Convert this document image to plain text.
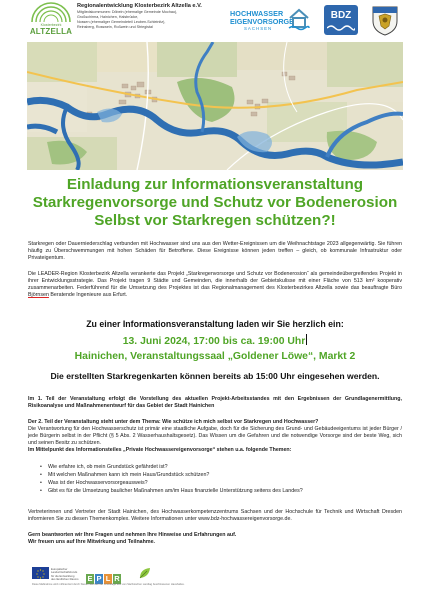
Klosterbezirk
ALTZELLA
Regionalentwicklung Klosterbezirk Altzella e.V.
Mitgliedskommunen: Döbeln (ehemalige Gemeinde Mochau),
Großschirma, Hainichen, Halsbrücke,
Nossen (ehemaliger Gemeindeteil Leuben-Schleinitz),
Reinsberg, Rosswein, Roßwein und Striegistal
HOCHWASSER
EIGENVORSORGE
SACHSEN
BDZ
Einladung zur Informationsveranstaltung
Starkregenvorsorge und Schutz vor Bodenerosion
Selbst vor Starkregen schützen?!
Starkregen oder Dauerniederschlag verbunden mit Hochwasser sind uns aus den Wetter-Ereignissen um die Weihnachtstage 2023 allgegenwärtig. Sie führen häufig zu Überschwemmungen mit hohen Schäden für Betroffene. Diese Ereignisse können jeden treffen – gleich, ob kommunale Infrastruktur oder Privateigentum.
Die LEADER-Region Klosterbezirk Altzella verankerte das Projekt „Starkregenvorsorge und Schutz vor Bodenerosion“ als gemeindeübergreifendes Projekt in ihrer Entwicklungsstrategie. Das Projekt tragen 9 Städte und Gemeinden, die innerhalb der Gebietskulisse mit einer Fläche von 513 km² kooperativ zusammenarbeiten. Federführend für die Umsetzung des Projektes ist das Regionalmanagement des Klosterbezirkes Altzella sowie das beauftragte Büro Björnsen Beratende Ingenieure aus Erfurt.
Zu einer Informationsveranstaltung laden wir Sie herzlich ein:
13. Juni 2024, 17:00 bis ca. 19:00 Uhr
Hainichen, Veranstaltungssaal „Goldener Löwe“, Markt 2
Die erstellten Starkregenkarten können bereits ab 15:00 Uhr eingesehen werden.
Im 1. Teil der Veranstaltung erfolgt die Vorstellung des aktuellen Projekt-Arbeitsstandes mit den Ergebnissen der Grundlagenermittlung, Risikoanalyse und Maßnahmenentwurf für das Gebiet der Stadt Hainichen
Der 2. Teil der Veranstaltung steht unter dem Thema: Wie schütze ich mich selbst vor Starkregen und Hochwasser?
Die Verantwortung für den Hochwasserschutz ist primär eine staatliche Aufgabe, doch für die Sicherung des Grund- und Gebäudeeigentums ist jeder Bürger / jede Bürgerin selbst in der Pflicht (§ 5 Abs. 2 Wasserhaushaltsgesetz). Das Wissen um die Gefahren und die notwendige Vorsorge sind der beste Weg, sich und seinen Besitz zu schützen.
Im Mittelpunkt des Informationsteiles „Private Hochwassereigenvorsorge“ stehen u.a. folgende Themen:
• Wie erfahre ich, ob mein Grundstück gefährdet ist?
• Mit welchen Maßnahmen kann ich mein Haus/Grundstück schützen?
• Was ist der Hochwasservorsorgeausweis?
• Gibt es für die Umsetzung baulicher Maßnahmen am/im Haus finanzielle Unterstützung seitens des Landes?
Vertreterinnen und Vertreter der Stadt Hainichen, des Hochwasserkompetenzzentrums Sachsen und der Hochschule für Technik und Wirtschaft Dresden informieren Sie zu diesen Themenkomplex. Weitere Informationen unter www.bdz-hochwassereigenvorsorge.de.
Gern beantworten wir Ihre Fragen und nehmen Ihre Hinweise und Erfahrungen auf.
Wir freuen uns auf Ihre Mitwirkung und Teilnahme.
Europäischer Landwirtschaftsfonds für die Entwicklung des ländlichen Raums E P L R
Diese Maßnahme wird mitfinanziert durch Steuermittel auf der Grundlage des vom Sächsischen Landtag beschlossenen Haushaltes.
